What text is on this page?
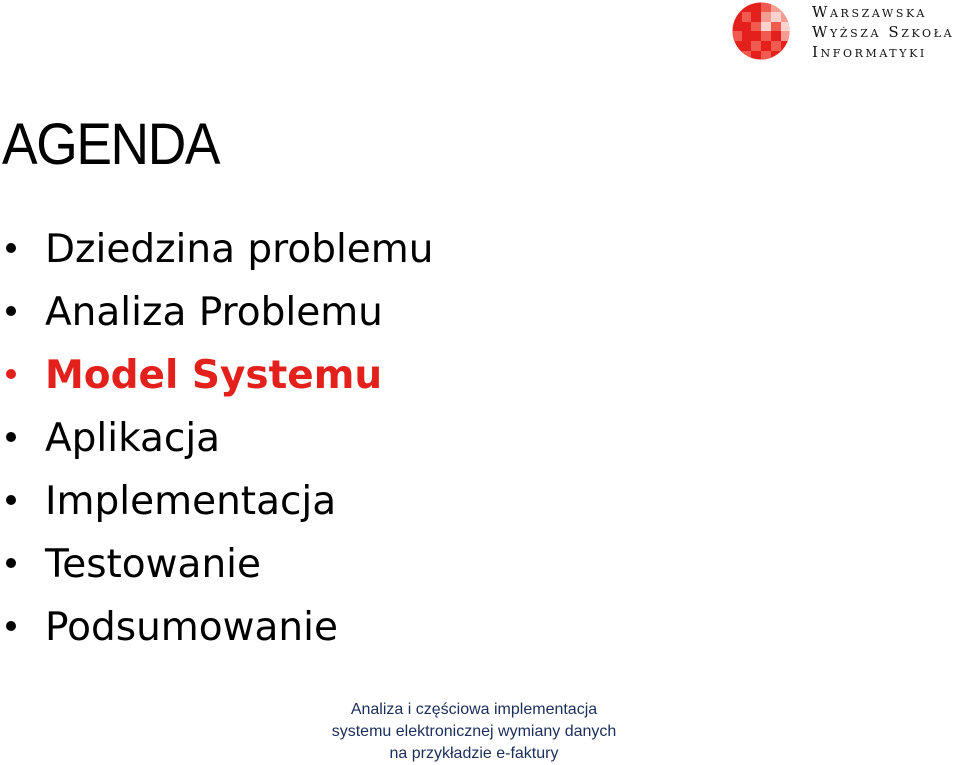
Warszawska
Wyższa Szkoła
Informatyki
AGENDA
Dziedzina problemu
Analiza Problemu
Model Systemu
Aplikacja
Implementacja
Testowanie
Podsumowanie
Analiza i częściowa implementacja
systemu elektronicznej wymiany danych
na przykładzie e-faktury
